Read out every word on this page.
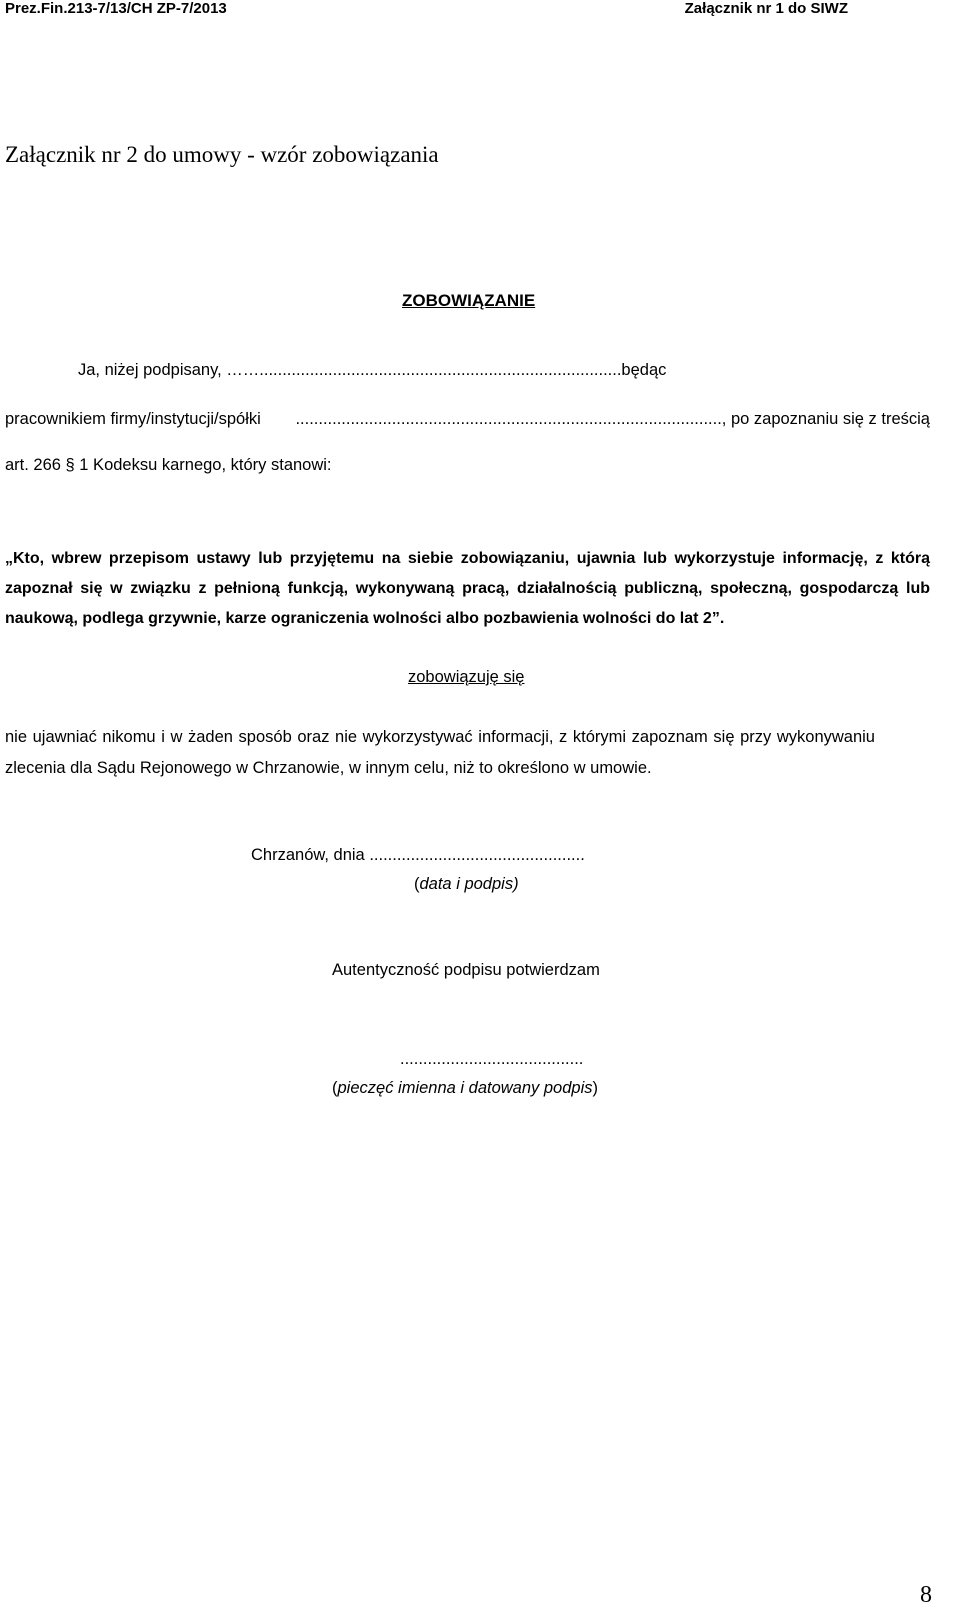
Prez.Fin.213-7/13/CH ZP-7/2013	Załącznik nr 1 do SIWZ
Załącznik nr 2 do umowy - wzór zobowiązania
ZOBOWIĄZANIE
Ja, niżej podpisany, ……...............................................................................będąc
pracownikiem firmy/instytucji/spółki ............................................................................................., po zapoznaniu się z treścią
art. 266 § 1 Kodeksu karnego, który stanowi:
„Kto, wbrew przepisom ustawy lub przyjętemu na siebie zobowiązaniu, ujawnia lub wykorzystuje informację, z którą
zapoznał się w związku z pełnioną funkcją, wykonywaną pracą, działalnością publiczną, społeczną, gospodarczą lub
naukową, podlega grzywnie, karze ograniczenia wolności albo pozbawienia wolności do lat 2”.
zobowiązuję się
nie ujawniać nikomu i w żaden sposób oraz nie wykorzystywać informacji, z którymi zapoznam się przy wykonywaniu
zlecenia dla Sądu Rejonowego w Chrzanowie, w innym celu, niż to określono w umowie.
Chrzanów, dnia ...............................................
(data i podpis)
Autentyczność podpisu potwierdzam
........................................
(pieczęć imienna i datowany podpis)
8
